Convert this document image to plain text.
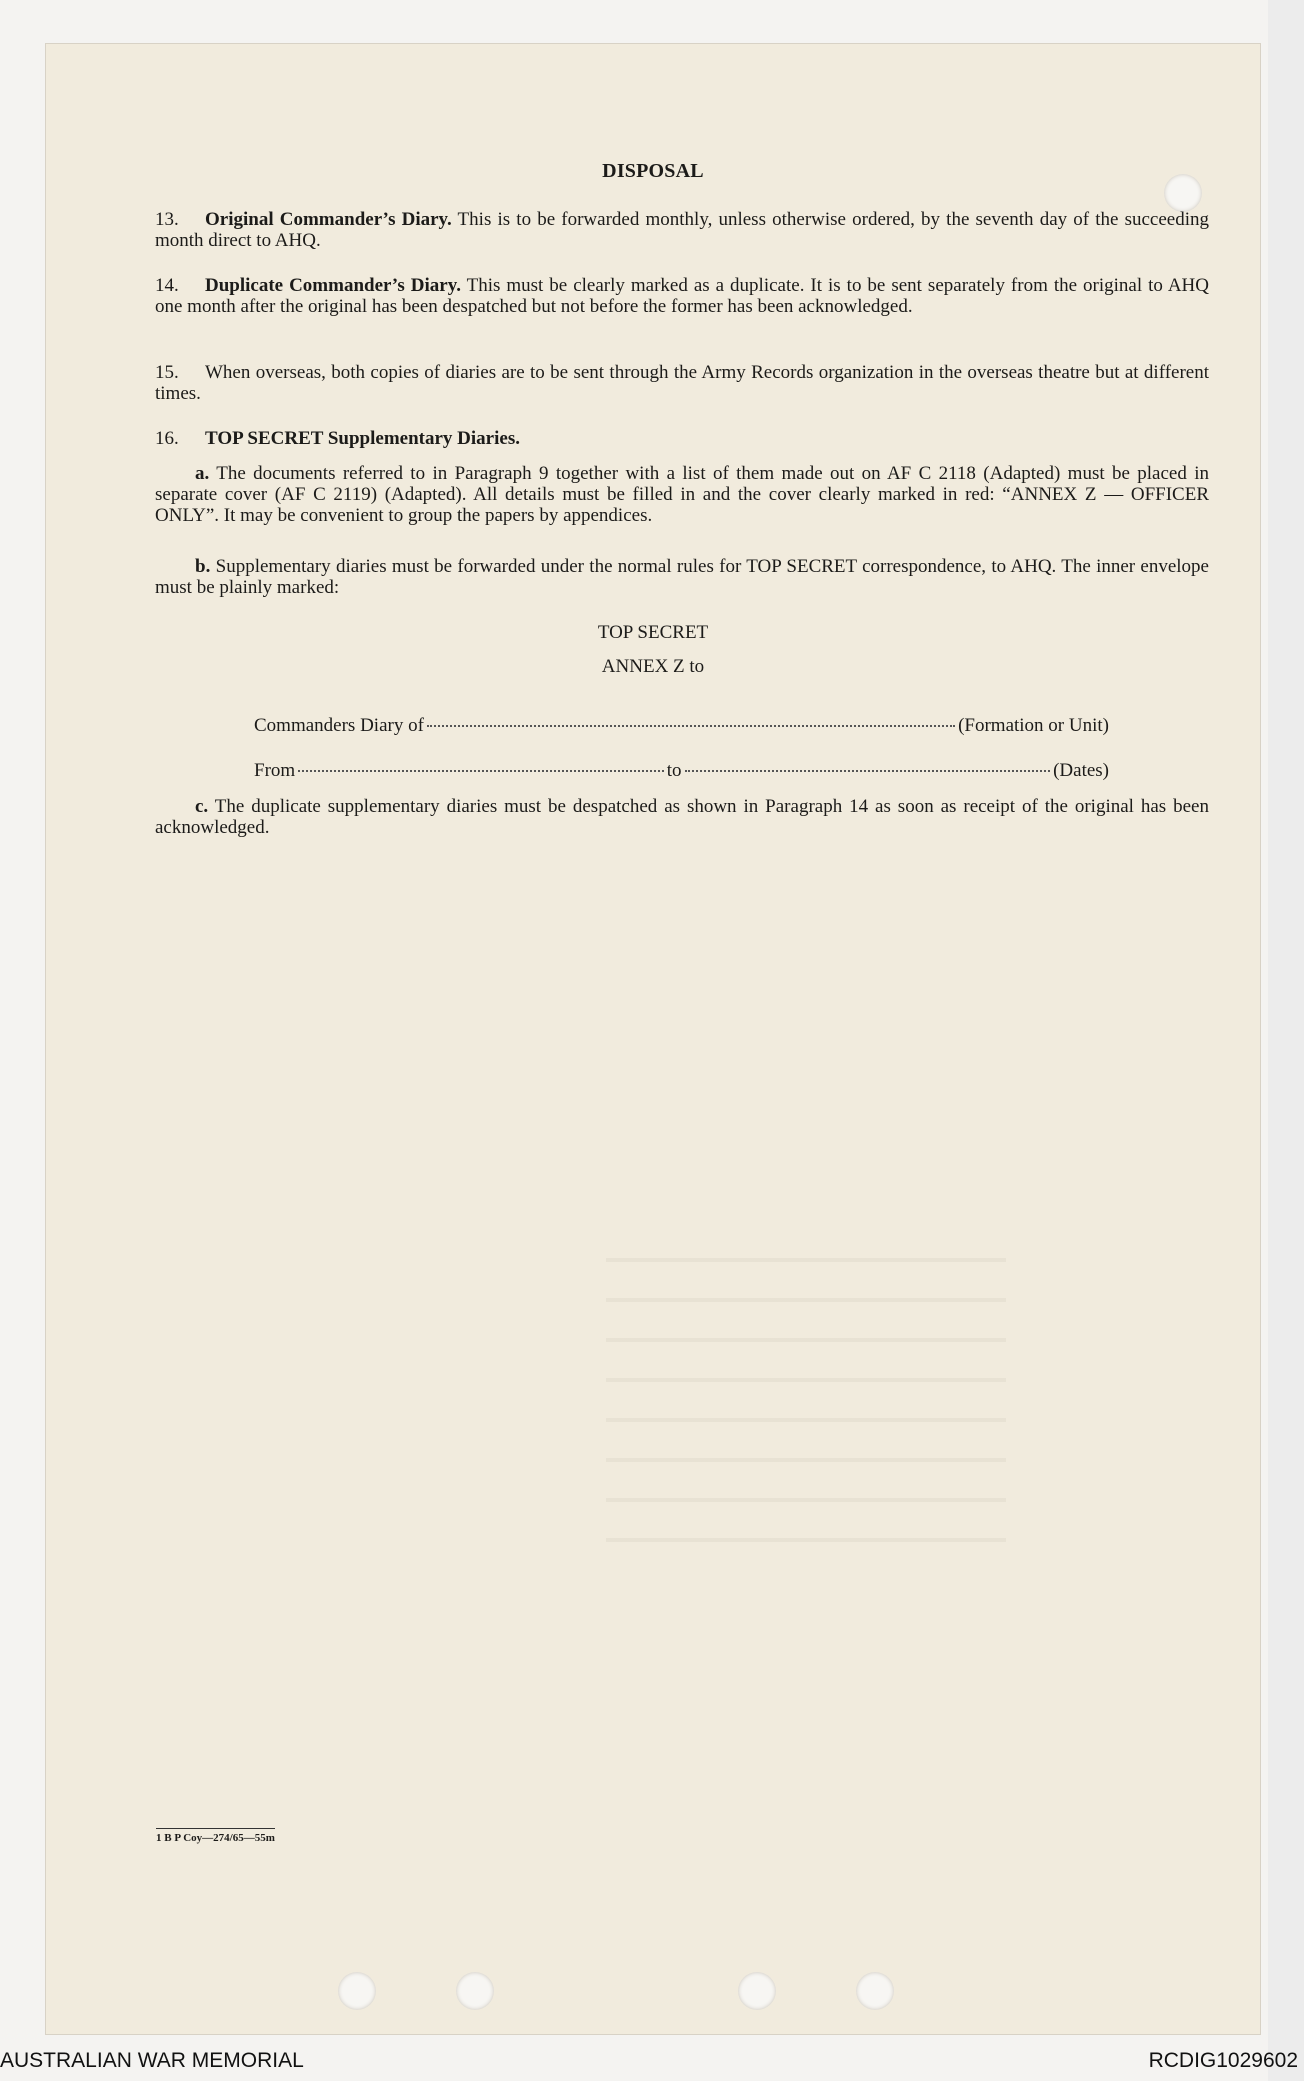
DISPOSAL
13. Original Commander’s Diary. This is to be forwarded monthly, unless otherwise ordered, by the seventh day of the succeeding month direct to AHQ.
14. Duplicate Commander’s Diary. This must be clearly marked as a duplicate. It is to be sent separately from the original to AHQ one month after the original has been despatched but not before the former has been acknowledged.
15. When overseas, both copies of diaries are to be sent through the Army Records organization in the overseas theatre but at different times.
16. TOP SECRET Supplementary Diaries.
a. The documents referred to in Paragraph 9 together with a list of them made out on AF C 2118 (Adapted) must be placed in separate cover (AF C 2119) (Adapted). All details must be filled in and the cover clearly marked in red: “ANNEX Z — OFFICER ONLY”. It may be convenient to group the papers by appendices.
b. Supplementary diaries must be forwarded under the normal rules for TOP SECRET correspondence, to AHQ. The inner envelope must be plainly marked:
TOP SECRET
ANNEX Z to
Commanders Diary of	(Formation or Unit)
From	to	(Dates)
c. The duplicate supplementary diaries must be despatched as shown in Paragraph 14 as soon as receipt of the original has been acknowledged.
1 B P Coy—274/65—55m
AUSTRALIAN WAR MEMORIAL	RCDIG1029602
